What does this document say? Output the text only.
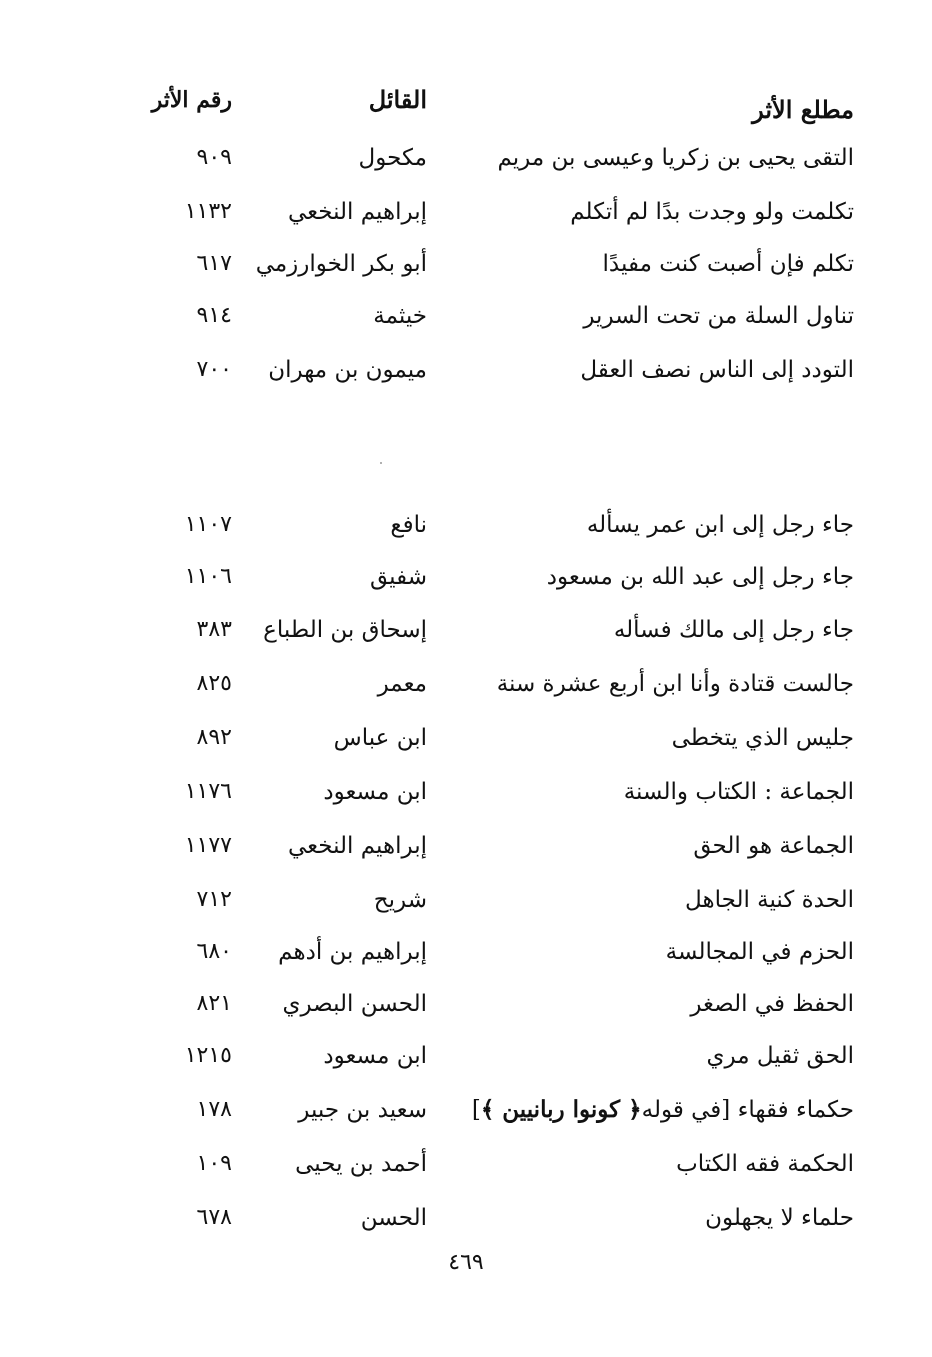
مطلع الأثر
القائل
رقم الأثر
التقى يحيى بن زكريا وعيسى بن مريم
مكحول
٩٠٩
تكلمت ولو وجدت بدًا لم أتكلم
إبراهيم النخعي
١١٣٢
تكلم فإن أصبت كنت مفيدًا
أبو بكر الخوارزمي
٦١٧
تناول السلة من تحت السرير
خيثمة
٩١٤
التودد إلى الناس نصف العقل
ميمون بن مهران
٧٠٠
جاء رجل إلى ابن عمر يسأله
نافع
١١٠٧
جاء رجل إلى عبد الله بن مسعود
شفيق
١١٠٦
جاء رجل إلى مالك فسأله
إسحاق بن الطباع
٣٨٣
جالست قتادة وأنا ابن أربع عشرة سنة
معمر
٨٢٥
جليس الذي يتخطى
ابن عباس
٨٩٢
الجماعة : الكتاب والسنة
ابن مسعود
١١٧٦
الجماعة هو الحق
إبراهيم النخعي
١١٧٧
الحدة كنية الجاهل
شريح
٧١٢
الحزم في المجالسة
إبراهيم بن أدهم
٦٨٠
الحفظ في الصغر
الحسن البصري
٨٢١
الحق ثقيل مري
ابن مسعود
١٢١٥
حكماء فقهاء [في قوله﴿ كونوا ربانيين ﴾]
سعيد بن جبير
١٧٨
الحكمة فقه الكتاب
أحمد بن يحيى
١٠٩
حلماء لا يجهلون
الحسن
٦٧٨
٤٦٩
